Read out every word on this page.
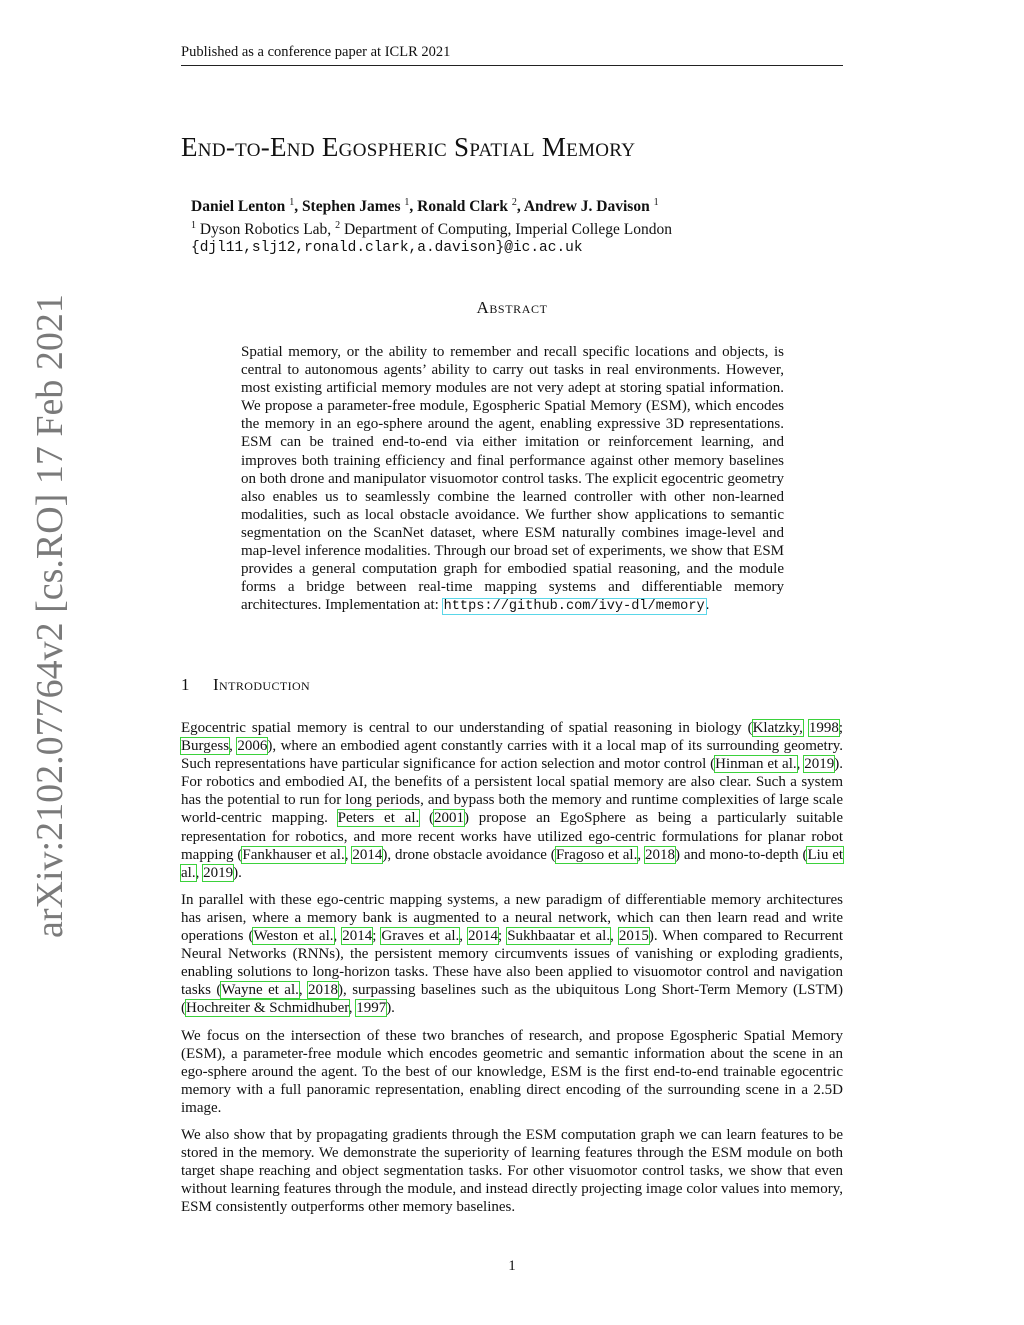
Published as a conference paper at ICLR 2021
arXiv:2102.07764v2 [cs.RO] 17 Feb 2021
End-to-End Egospheric Spatial Memory
Daniel Lenton $^1$, Stephen James $^1$, Ronald Clark $^2$, Andrew J. Davison $^1$
$^1$ Dyson Robotics Lab, $^2$ Department of Computing, Imperial College London
{djl11,slj12,ronald.clark,a.davison}@ic.ac.uk
Abstract

Spatial memory, or the ability to remember and recall specific locations and objects, is central to autonomous agents’ ability to carry out tasks in real environments. However, most existing artificial memory modules are not very adept at storing spatial information. We propose a parameter-free module, Egospheric Spatial Memory (ESM), which encodes the memory in an ego-sphere around the agent, enabling expressive 3D representations. ESM can be trained end-to-end via either imitation or reinforcement learning, and improves both training efficiency and final performance against other memory baselines on both drone and manipulator visuomotor control tasks. The explicit egocentric geometry also enables us to seamlessly combine the learned controller with other non-learned modalities, such as local obstacle avoidance. We further show applications to semantic segmentation on the ScanNet dataset, where ESM naturally combines image-level and map-level inference modalities. Through our broad set of experiments, we show that ESM provides a general computation graph for embodied spatial reasoning, and the module forms a bridge between real-time mapping systems and differentiable memory architectures. Implementation at: https://github.com/ivy-dl/memory.

1 Introduction

Egocentric spatial memory is central to our understanding of spatial reasoning in biology (Klatzky, 1998; Burgess, 2006), where an embodied agent constantly carries with it a local map of its surrounding geometry. Such representations have particular significance for action selection and motor control (Hinman et al., 2019). For robotics and embodied AI, the benefits of a persistent local spatial memory are also clear. Such a system has the potential to run for long periods, and bypass both the memory and runtime complexities of large scale world-centric mapping. Peters et al. (2001) propose an EgoSphere as being a particularly suitable representation for robotics, and more recent works have utilized ego-centric formulations for planar robot mapping (Fankhauser et al., 2014), drone obstacle avoidance (Fragoso et al., 2018) and mono-to-depth (Liu et al., 2019).

In parallel with these ego-centric mapping systems, a new paradigm of differentiable memory architectures has arisen, where a memory bank is augmented to a neural network, which can then learn read and write operations (Weston et al., 2014; Graves et al., 2014; Sukhbaatar et al., 2015). When compared to Recurrent Neural Networks (RNNs), the persistent memory circumvents issues of vanishing or exploding gradients, enabling solutions to long-horizon tasks. These have also been applied to visuomotor control and navigation tasks (Wayne et al., 2018), surpassing baselines such as the ubiquitous Long Short-Term Memory (LSTM) (Hochreiter & Schmidhuber, 1997).

We focus on the intersection of these two branches of research, and propose Egospheric Spatial Memory (ESM), a parameter-free module which encodes geometric and semantic information about the scene in an ego-sphere around the agent. To the best of our knowledge, ESM is the first end-to-end trainable egocentric memory with a full panoramic representation, enabling direct encoding of the surrounding scene in a 2.5D image.

We also show that by propagating gradients through the ESM computation graph we can learn features to be stored in the memory. We demonstrate the superiority of learning features through the ESM module on both target shape reaching and object segmentation tasks. For other visuomotor control tasks, we show that even without learning features through the module, and instead directly projecting image color values into memory, ESM consistently outperforms other memory baselines.

1
